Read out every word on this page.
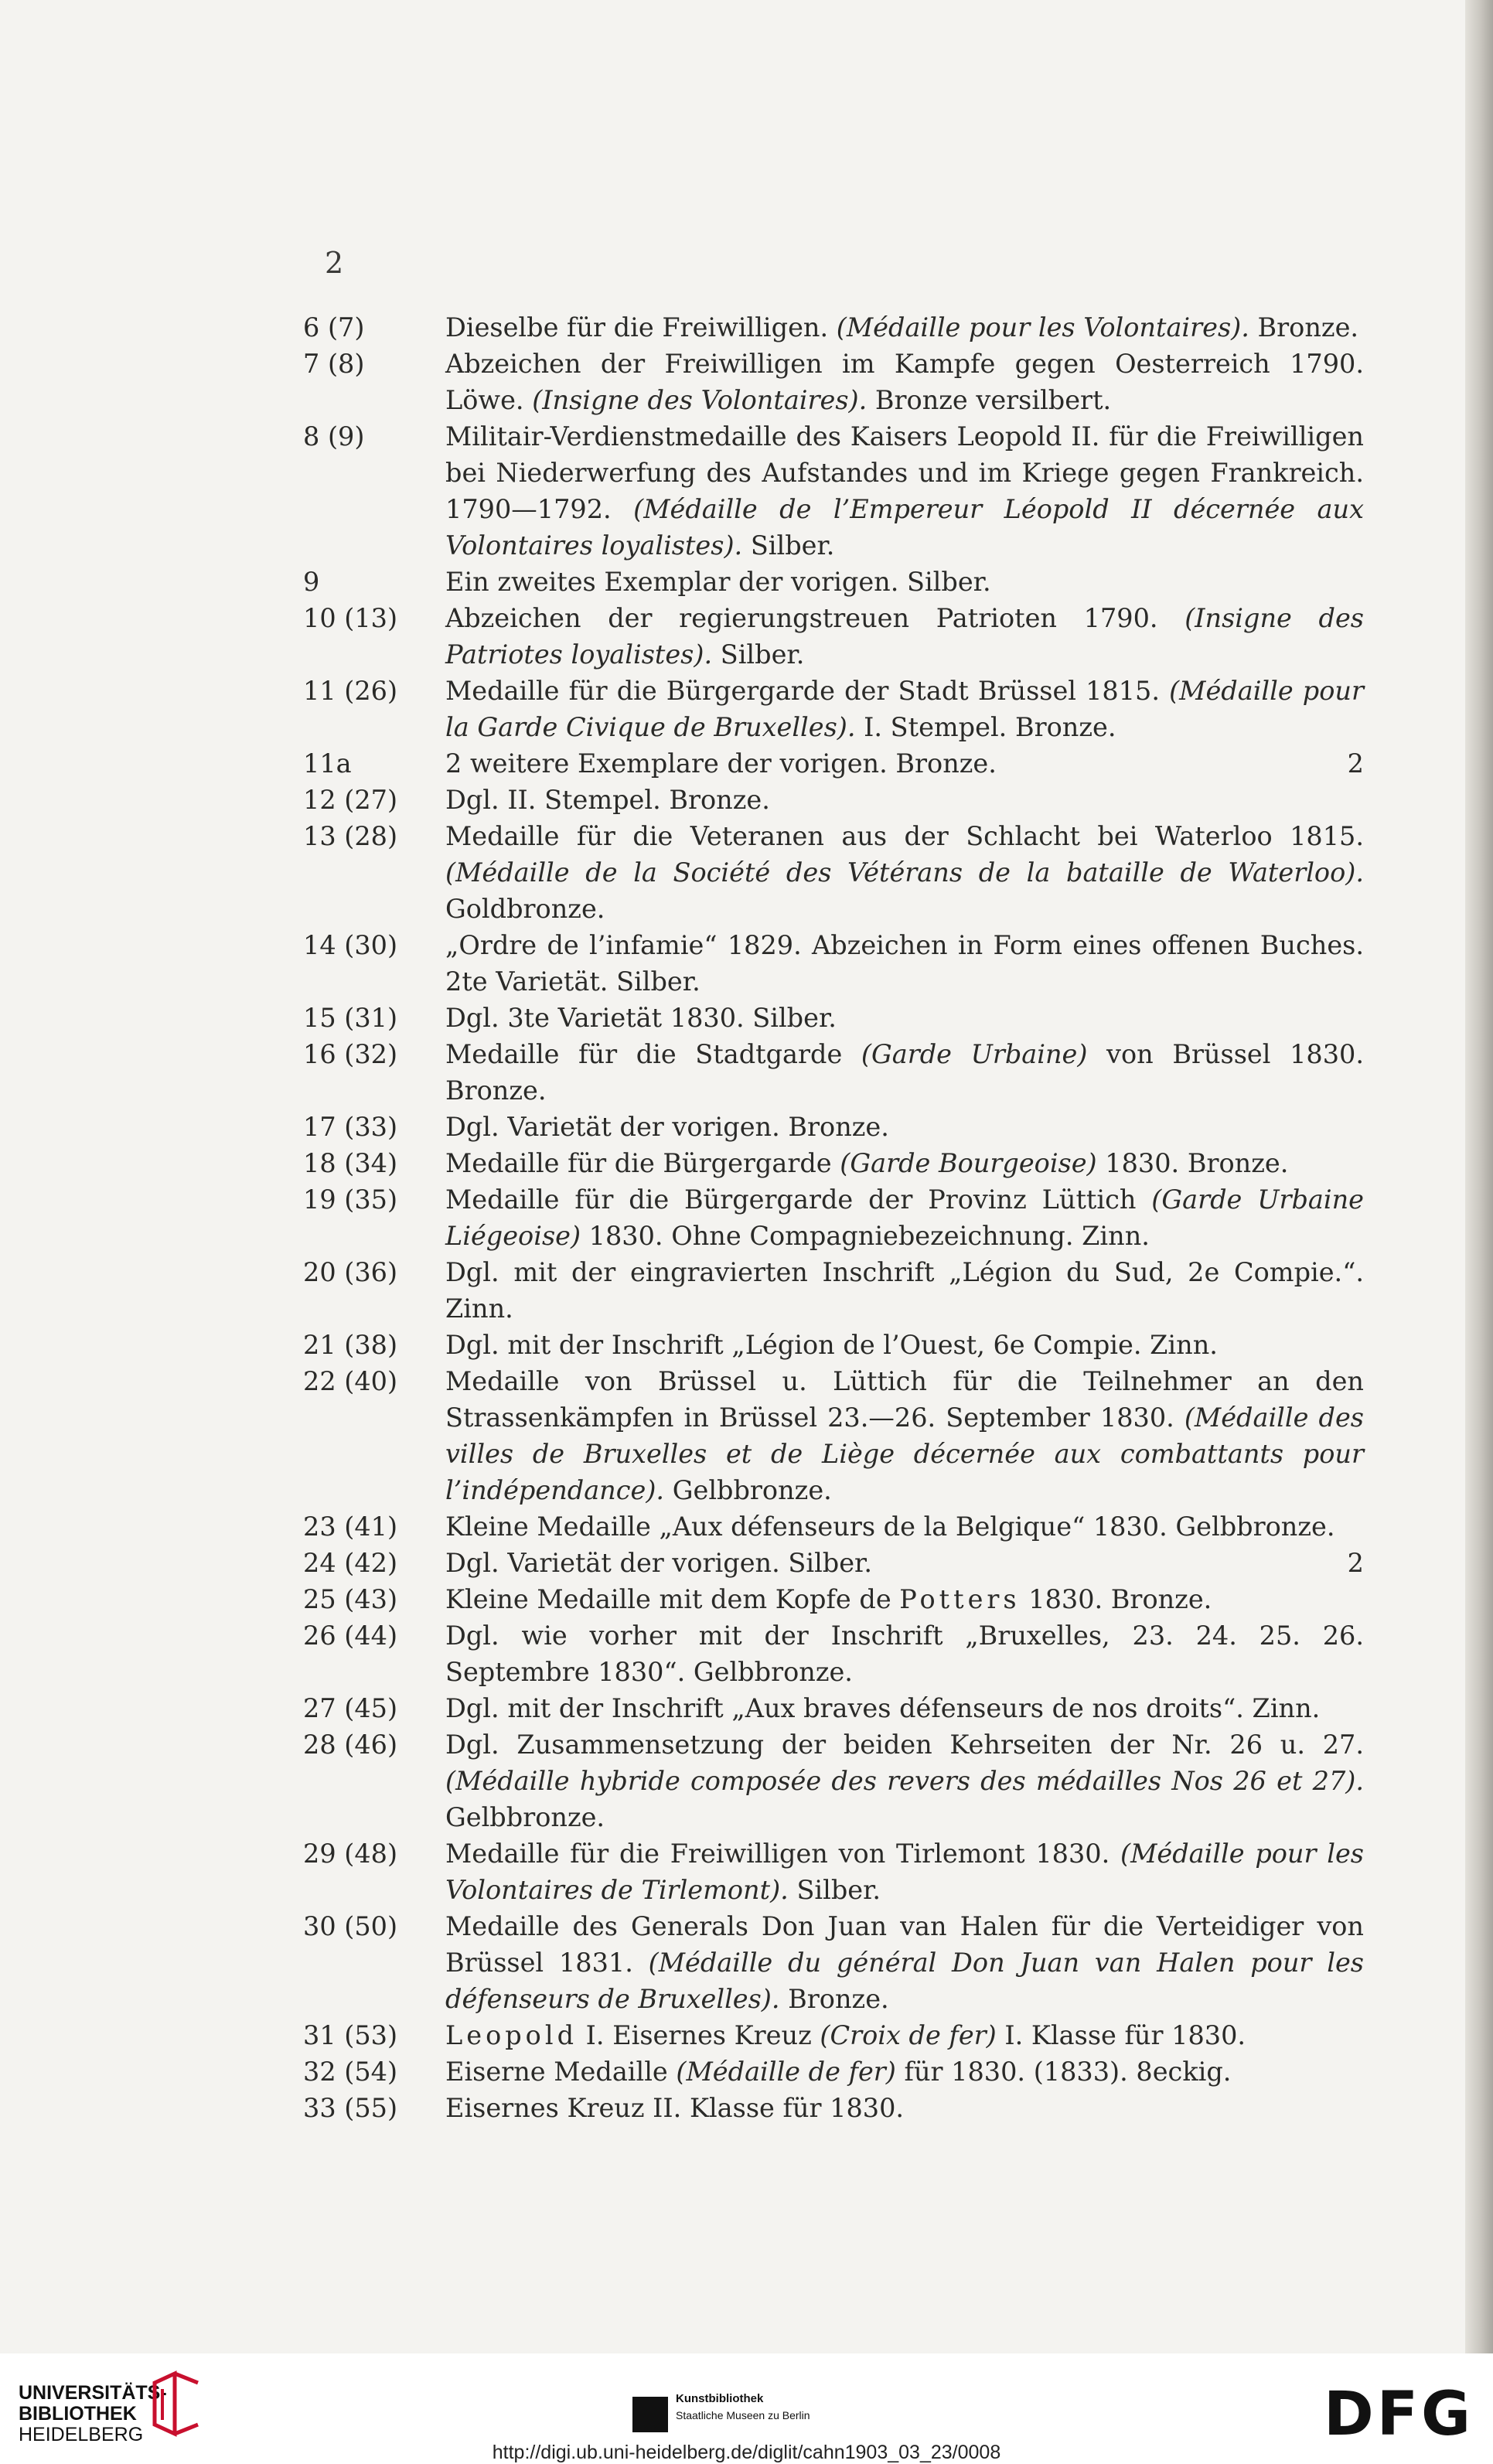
2
6 (7)	Dieselbe für die Freiwilligen. (Médaille pour les Volontaires). Bronze.
7 (8)	Abzeichen der Freiwilligen im Kampfe gegen Oesterreich 1790. Löwe. (Insigne des Volontaires). Bronze versilbert.
8 (9)	Militair-Verdienstmedaille des Kaisers Leopold II. für die Freiwilligen bei Niederwerfung des Aufstandes und im Kriege gegen Frankreich. 1790—1792. (Médaille de l’Empereur Léopold II décernée aux Volontaires loyalistes). Silber.
9	Ein zweites Exemplar der vorigen. Silber.
10 (13)	Abzeichen der regierungstreuen Patrioten 1790. (Insigne des Patriotes loyalistes). Silber.
11 (26)	Medaille für die Bürgergarde der Stadt Brüssel 1815. (Médaille pour la Garde Civique de Bruxelles). I. Stempel. Bronze.
11a	2 weitere Exemplare der vorigen. Bronze.	2
12 (27)	Dgl. II. Stempel. Bronze.
13 (28)	Medaille für die Veteranen aus der Schlacht bei Waterloo 1815. (Médaille de la Société des Vétérans de la bataille de Waterloo). Goldbronze.
14 (30)	„Ordre de l’infamie“ 1829. Abzeichen in Form eines offenen Buches. 2te Varietät. Silber.
15 (31)	Dgl. 3te Varietät 1830. Silber.
16 (32)	Medaille für die Stadtgarde (Garde Urbaine) von Brüssel 1830. Bronze.
17 (33)	Dgl. Varietät der vorigen. Bronze.
18 (34)	Medaille für die Bürgergarde (Garde Bourgeoise) 1830. Bronze.
19 (35)	Medaille für die Bürgergarde der Provinz Lüttich (Garde Urbaine Liégeoise) 1830. Ohne Compagniebezeichnung. Zinn.
20 (36)	Dgl. mit der eingravierten Inschrift „Légion du Sud, 2e Compie.“. Zinn.
21 (38)	Dgl. mit der Inschrift „Légion de l’Ouest, 6e Compie. Zinn.
22 (40)	Medaille von Brüssel u. Lüttich für die Teilnehmer an den Strassenkämpfen in Brüssel 23.—26. September 1830. (Médaille des villes de Bruxelles et de Liège décernée aux combattants pour l’indépendance). Gelbbronze.
23 (41)	Kleine Medaille „Aux défenseurs de la Belgique“ 1830. Gelbbronze.
24 (42)	Dgl. Varietät der vorigen. Silber.	2
25 (43)	Kleine Medaille mit dem Kopfe de Potters 1830. Bronze.
26 (44)	Dgl. wie vorher mit der Inschrift „Bruxelles, 23. 24. 25. 26. Septembre 1830“. Gelbbronze.
27 (45)	Dgl. mit der Inschrift „Aux braves défenseurs de nos droits“. Zinn.
28 (46)	Dgl. Zusammensetzung der beiden Kehrseiten der Nr. 26 u. 27. (Médaille hybride composée des revers des médailles Nos 26 et 27). Gelbbronze.
29 (48)	Medaille für die Freiwilligen von Tirlemont 1830. (Médaille pour les Volontaires de Tirlemont). Silber.
30 (50)	Medaille des Generals Don Juan van Halen für die Verteidiger von Brüssel 1831. (Médaille du général Don Juan van Halen pour les défenseurs de Bruxelles). Bronze.
31 (53)	Leopold I. Eisernes Kreuz (Croix de fer) I. Klasse für 1830.
32 (54)	Eiserne Medaille (Médaille de fer) für 1830. (1833). 8eckig.
33 (55)	Eisernes Kreuz II. Klasse für 1830.
UNIVERSITÄTS-
BIBLIOTHEK
HEIDELBERG
Kunstbibliothek
Staatliche Museen zu Berlin	DFG
http://digi.ub.uni-heidelberg.de/diglit/cahn1903_03_23/0008
